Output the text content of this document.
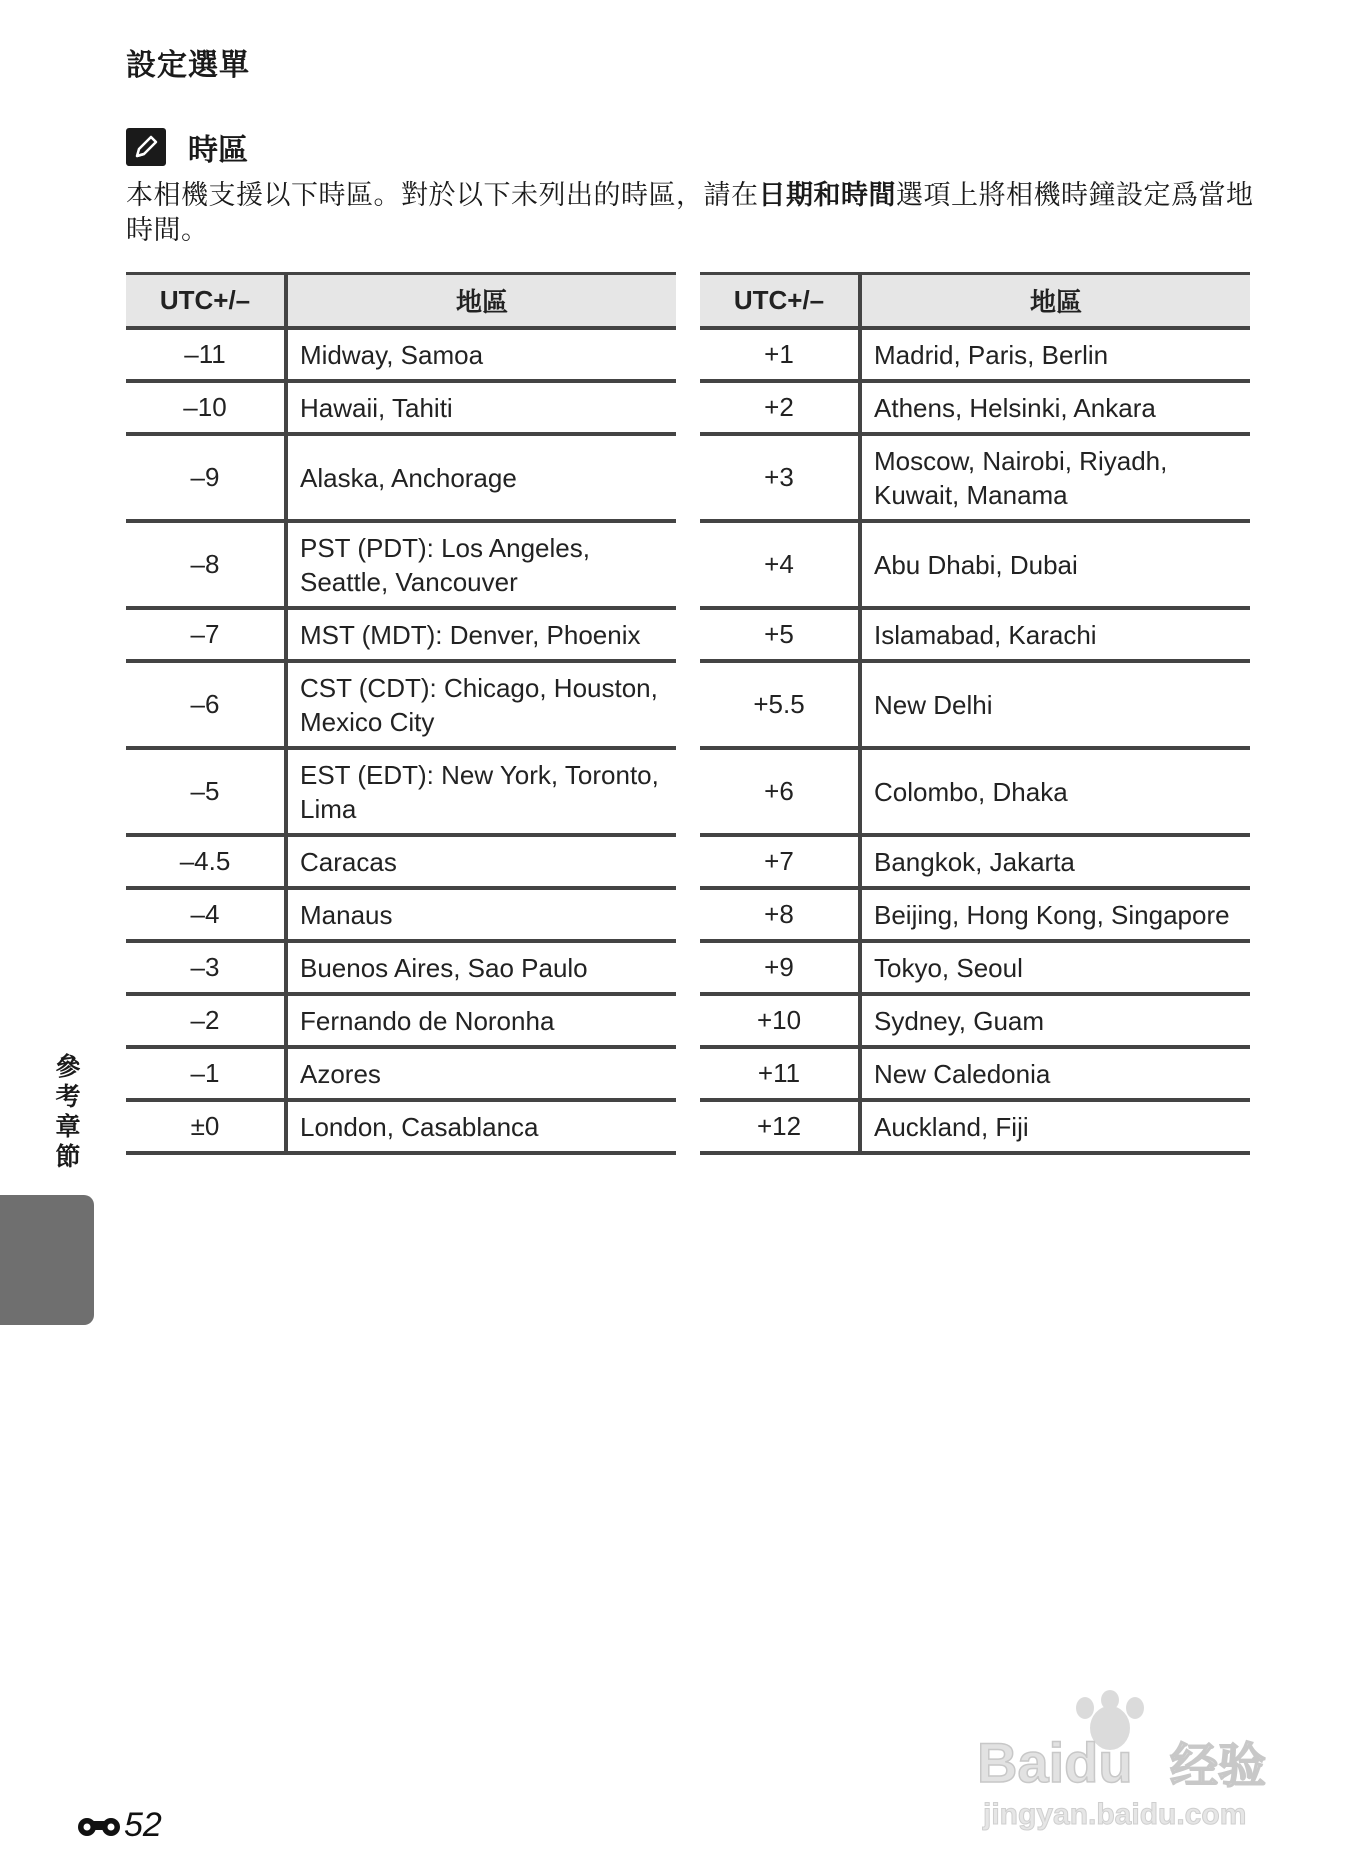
設定選單
時區
本相機支援以下時區。對於以下未列出的時區，請在日期和時間選項上將相機時鐘設定爲當地時間。
UTC+/–	地區
–11	Midway, Samoa
–10	Hawaii, Tahiti
–9	Alaska, Anchorage
–8	PST (PDT): Los Angeles, Seattle, Vancouver
–7	MST (MDT): Denver, Phoenix
–6	CST (CDT): Chicago, Houston, Mexico City
–5	EST (EDT): New York, Toronto, Lima
–4.5	Caracas
–4	Manaus
–3	Buenos Aires, Sao Paulo
–2	Fernando de Noronha
–1	Azores
±0	London, Casablanca
UTC+/–	地區
+1	Madrid, Paris, Berlin
+2	Athens, Helsinki, Ankara
+3	Moscow, Nairobi, Riyadh, Kuwait, Manama
+4	Abu Dhabi, Dubai
+5	Islamabad, Karachi
+5.5	New Delhi
+6	Colombo, Dhaka
+7	Bangkok, Jakarta
+8	Beijing, Hong Kong, Singapore
+9	Tokyo, Seoul
+10	Sydney, Guam
+11	New Caledonia
+12	Auckland, Fiji
參考章節
52
Baidu 经验
jingyan.baidu.com
